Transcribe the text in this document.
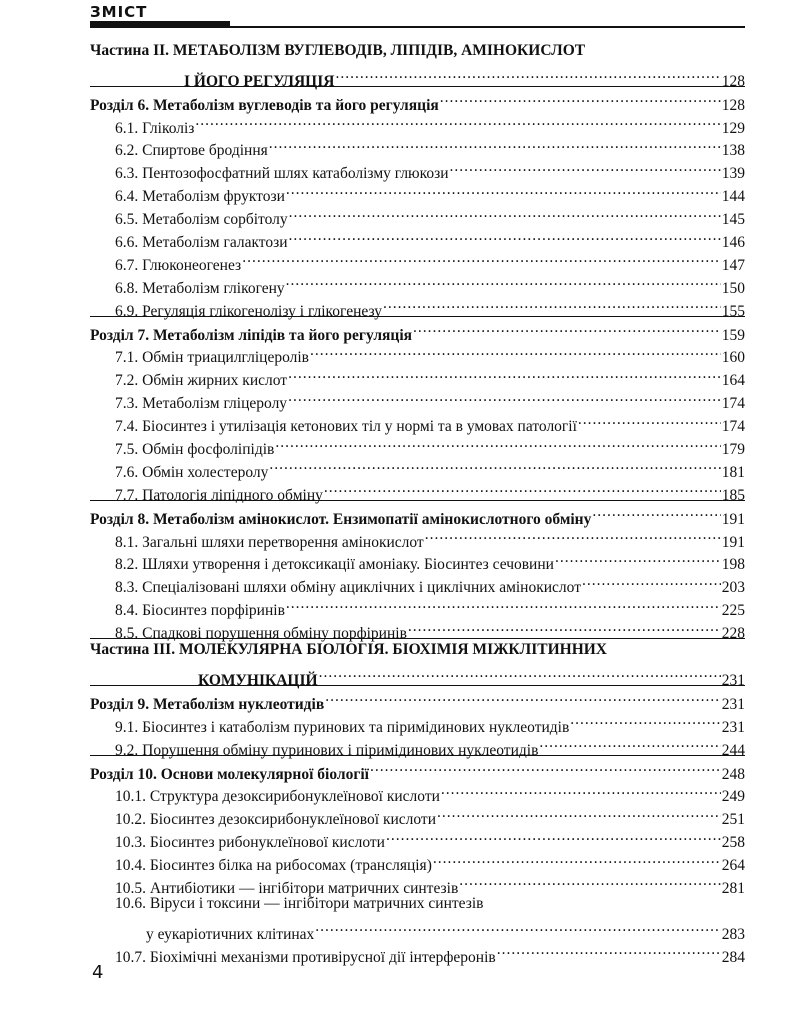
ЗМІСТ
Частина ІІ. МЕТАБОЛІЗМ ВУГЛЕВОДІВ, ЛІПІДІВ, АМІНОКИСЛОТ
І ЙОГО РЕГУЛЯЦІЯ .....	128
Розділ 6. Метаболізм вуглеводів та його регуляція .....	128
6.1. Гліколіз .....	129
6.2. Спиртове бродіння .....	138
6.3. Пентозофосфатний шлях катаболізму глюкози .....	139
6.4. Метаболізм фруктози .....	144
6.5. Метаболізм сорбітолу .....	145
6.6. Метаболізм галактози .....	146
6.7. Глюконеогенез .....	147
6.8. Метаболізм глікогену .....	150
6.9. Регуляція глікогенолізу і глікогенезу .....	155
Розділ 7. Метаболізм ліпідів та його регуляція .....	159
7.1. Обмін триацилгліцеролів .....	160
7.2. Обмін жирних кислот .....	164
7.3. Метаболізм гліцеролу .....	174
7.4. Біосинтез і утилізація кетонових тіл у нормі та в умовах патології .....	174
7.5. Обмін фосфоліпідів .....	179
7.6. Обмін холестеролу .....	181
7.7. Патологія ліпідного обміну .....	185
Розділ 8. Метаболізм амінокислот. Ензимопатії амінокислотного обміну .....	191
8.1. Загальні шляхи перетворення амінокислот .....	191
8.2. Шляхи утворення і детоксикації амоніаку. Біосинтез сечовини .....	198
8.3. Спеціалізовані шляхи обміну ациклічних і циклічних амінокислот .....	203
8.4. Біосинтез порфіринів .....	225
8.5. Спадкові порушення обміну порфіринів .....	228
Частина ІІІ. МОЛЕКУЛЯРНА БІОЛОГІЯ. БІОХІМІЯ МІЖКЛІТИННИХ
КОМУНІКАЦІЙ .....	231
Розділ 9. Метаболізм нуклеотидів .....	231
9.1. Біосинтез і катаболізм пуринових та піримідинових нуклеотидів .....	231
9.2. Порушення обміну пуринових і піримідинових нуклеотидів .....	244
Розділ 10. Основи молекулярної біології .....	248
10.1. Структура дезоксирибонуклеїнової кислоти .....	249
10.2. Біосинтез дезоксирибонуклеїнової кислоти .....	251
10.3. Біосинтез рибонуклеїнової кислоти .....	258
10.4. Біосинтез білка на рибосомах (трансляція) .....	264
10.5. Антибіотики — інгібітори матричних синтезів .....	281
10.6. Віруси і токсини — інгібітори матричних синтезів
у еукаріотичних клітинах .....	283
10.7. Біохімічні механізми противірусної дії інтерферонів .....	284
4
